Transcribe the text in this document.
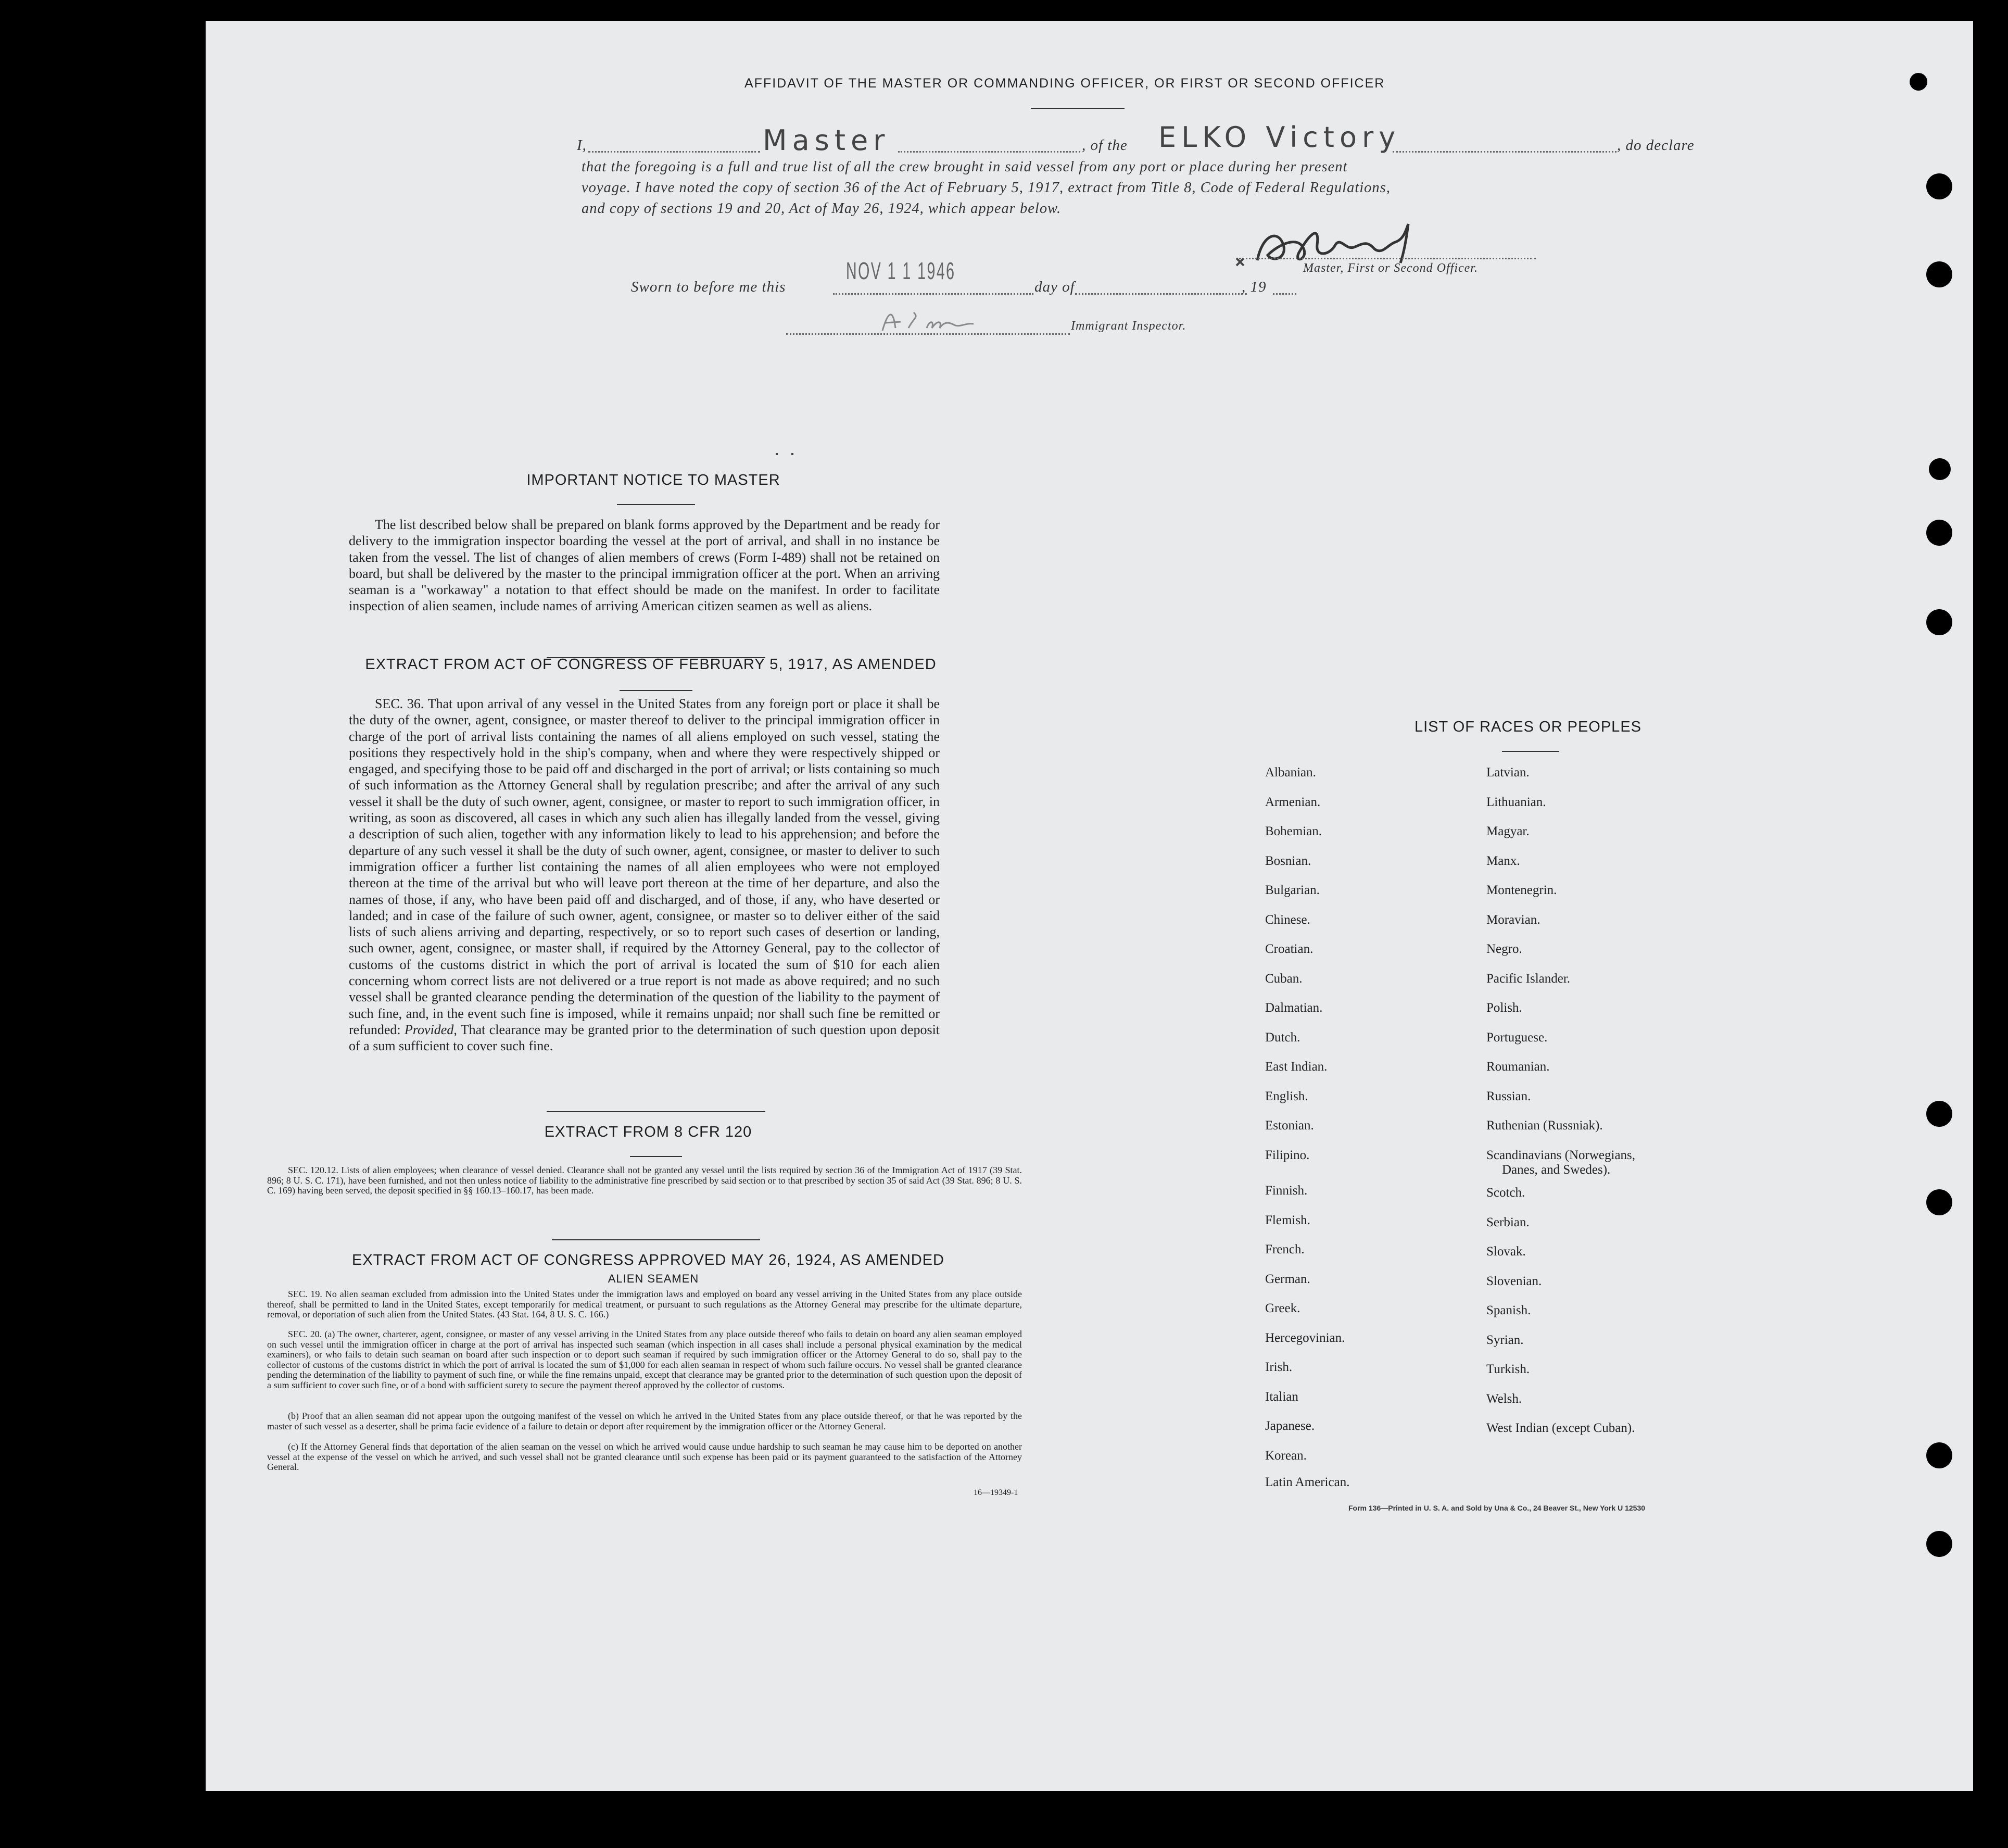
AFFIDAVIT OF THE MASTER OR COMMANDING OFFICER, OR FIRST OR SECOND OFFICER
I,	Master	, of the ELKO Victory	, do declare
that the foregoing is a full and true list of all the crew brought in said vessel from any port or place during her present
voyage. I have noted the copy of section 36 of the Act of February 5, 1917, extract from Title 8, Code of Federal Regulations,
and copy of sections 19 and 20, Act of May 26, 1924, which appear below.
Master, First or Second Officer.
Sworn to before me this
NOV 1 1 1946
day of	, 19
Immigrant Inspector.
IMPORTANT NOTICE TO MASTER
The list described below shall be prepared on blank forms approved by the Department and be ready for delivery to the immigration inspector boarding the vessel at the port of arrival, and shall in no instance be taken from the vessel. The list of changes of alien members of crews (Form I-489) shall not be retained on board, but shall be delivered by the master to the principal immigration officer at the port. When an arriving seaman is a "workaway" a notation to that effect should be made on the manifest. In order to facilitate inspection of alien seamen, include names of arriving American citizen seamen as well as aliens.
EXTRACT FROM ACT OF CONGRESS OF FEBRUARY 5, 1917, AS AMENDED
SEC. 36. That upon arrival of any vessel in the United States from any foreign port or place it shall be the duty of the owner, agent, consignee, or master thereof to deliver to the principal immigration officer in charge of the port of arrival lists containing the names of all aliens employed on such vessel, stating the positions they respectively hold in the ship's company, when and where they were respectively shipped or engaged, and specifying those to be paid off and discharged in the port of arrival; or lists containing so much of such information as the Attorney General shall by regulation prescribe; and after the arrival of any such vessel it shall be the duty of such owner, agent, consignee, or master to report to such immigration officer, in writing, as soon as discovered, all cases in which any such alien has illegally landed from the vessel, giving a description of such alien, together with any information likely to lead to his apprehension; and before the departure of any such vessel it shall be the duty of such owner, agent, consignee, or master to deliver to such immigration officer a further list containing the names of all alien employees who were not employed thereon at the time of the arrival but who will leave port thereon at the time of her departure, and also the names of those, if any, who have been paid off and discharged, and of those, if any, who have deserted or landed; and in case of the failure of such owner, agent, consignee, or master so to deliver either of the said lists of such aliens arriving and departing, respectively, or so to report such cases of desertion or landing, such owner, agent, consignee, or master shall, if required by the Attorney General, pay to the collector of customs of the customs district in which the port of arrival is located the sum of $10 for each alien concerning whom correct lists are not delivered or a true report is not made as above required; and no such vessel shall be granted clearance pending the determination of the question of the liability to the payment of such fine, and, in the event such fine is imposed, while it remains unpaid; nor shall such fine be remitted or refunded: Provided, That clearance may be granted prior to the determination of such question upon deposit of a sum sufficient to cover such fine.
EXTRACT FROM 8 CFR 120
SEC. 120.12. Lists of alien employees; when clearance of vessel denied. Clearance shall not be granted any vessel until the lists required by section 36 of the Immigration Act of 1917 (39 Stat. 896; 8 U. S. C. 171), have been furnished, and not then unless notice of liability to the administrative fine prescribed by said section or to that prescribed by section 35 of said Act (39 Stat. 896; 8 U. S. C. 169) having been served, the deposit specified in §§ 160.13–160.17, has been made.
EXTRACT FROM ACT OF CONGRESS APPROVED MAY 26, 1924, AS AMENDED
ALIEN SEAMEN
SEC. 19. No alien seaman excluded from admission into the United States under the immigration laws and employed on board any vessel arriving in the United States from any place outside thereof, shall be permitted to land in the United States, except temporarily for medical treatment, or pursuant to such regulations as the Attorney General may prescribe for the ultimate departure, removal, or deportation of such alien from the United States. (43 Stat. 164, 8 U. S. C. 166.)
SEC. 20. (a) The owner, charterer, agent, consignee, or master of any vessel arriving in the United States from any place outside thereof who fails to detain on board any alien seaman employed on such vessel until the immigration officer in charge at the port of arrival has inspected such seaman (which inspection in all cases shall include a personal physical examination by the medical examiners), or who fails to detain such seaman on board after such inspection or to deport such seaman if required by such immigration officer or the Attorney General to do so, shall pay to the collector of customs of the customs district in which the port of arrival is located the sum of $1,000 for each alien seaman in respect of whom such failure occurs. No vessel shall be granted clearance pending the determination of the liability to payment of such fine, or while the fine remains unpaid, except that clearance may be granted prior to the determination of such question upon the deposit of a sum sufficient to cover such fine, or of a bond with sufficient surety to secure the payment thereof approved by the collector of customs.
(b) Proof that an alien seaman did not appear upon the outgoing manifest of the vessel on which he arrived in the United States from any place outside thereof, or that he was reported by the master of such vessel as a deserter, shall be prima facie evidence of a failure to detain or deport after requirement by the immigration officer or the Attorney General.
(c) If the Attorney General finds that deportation of the alien seaman on the vessel on which he arrived would cause undue hardship to such seaman he may cause him to be deported on another vessel at the expense of the vessel on which he arrived, and such vessel shall not be granted clearance until such expense has been paid or its payment guaranteed to the satisfaction of the Attorney General.
16—19349-1
LIST OF RACES OR PEOPLES
Albanian.
Armenian.
Bohemian.
Bosnian.
Bulgarian.
Chinese.
Croatian.
Cuban.
Dalmatian.
Dutch.
East Indian.
English.
Estonian.
Filipino.
Finnish.
Flemish.
French.
German.
Greek.
Hercegovinian.
Irish.
Italian
Japanese.
Korean.
Latin American.
Latvian.
Lithuanian.
Magyar.
Manx.
Montenegrin.
Moravian.
Negro.
Pacific Islander.
Polish.
Portuguese.
Roumanian.
Russian.
Ruthenian (Russniak).
Scandinavians (Norwegians,
Danes, and Swedes).
Scotch.
Serbian.
Slovak.
Slovenian.
Spanish.
Syrian.
Turkish.
Welsh.
West Indian (except Cuban).
Form 136—Printed in U. S. A. and Sold by Una & Co., 24 Beaver St., New York U 12530
